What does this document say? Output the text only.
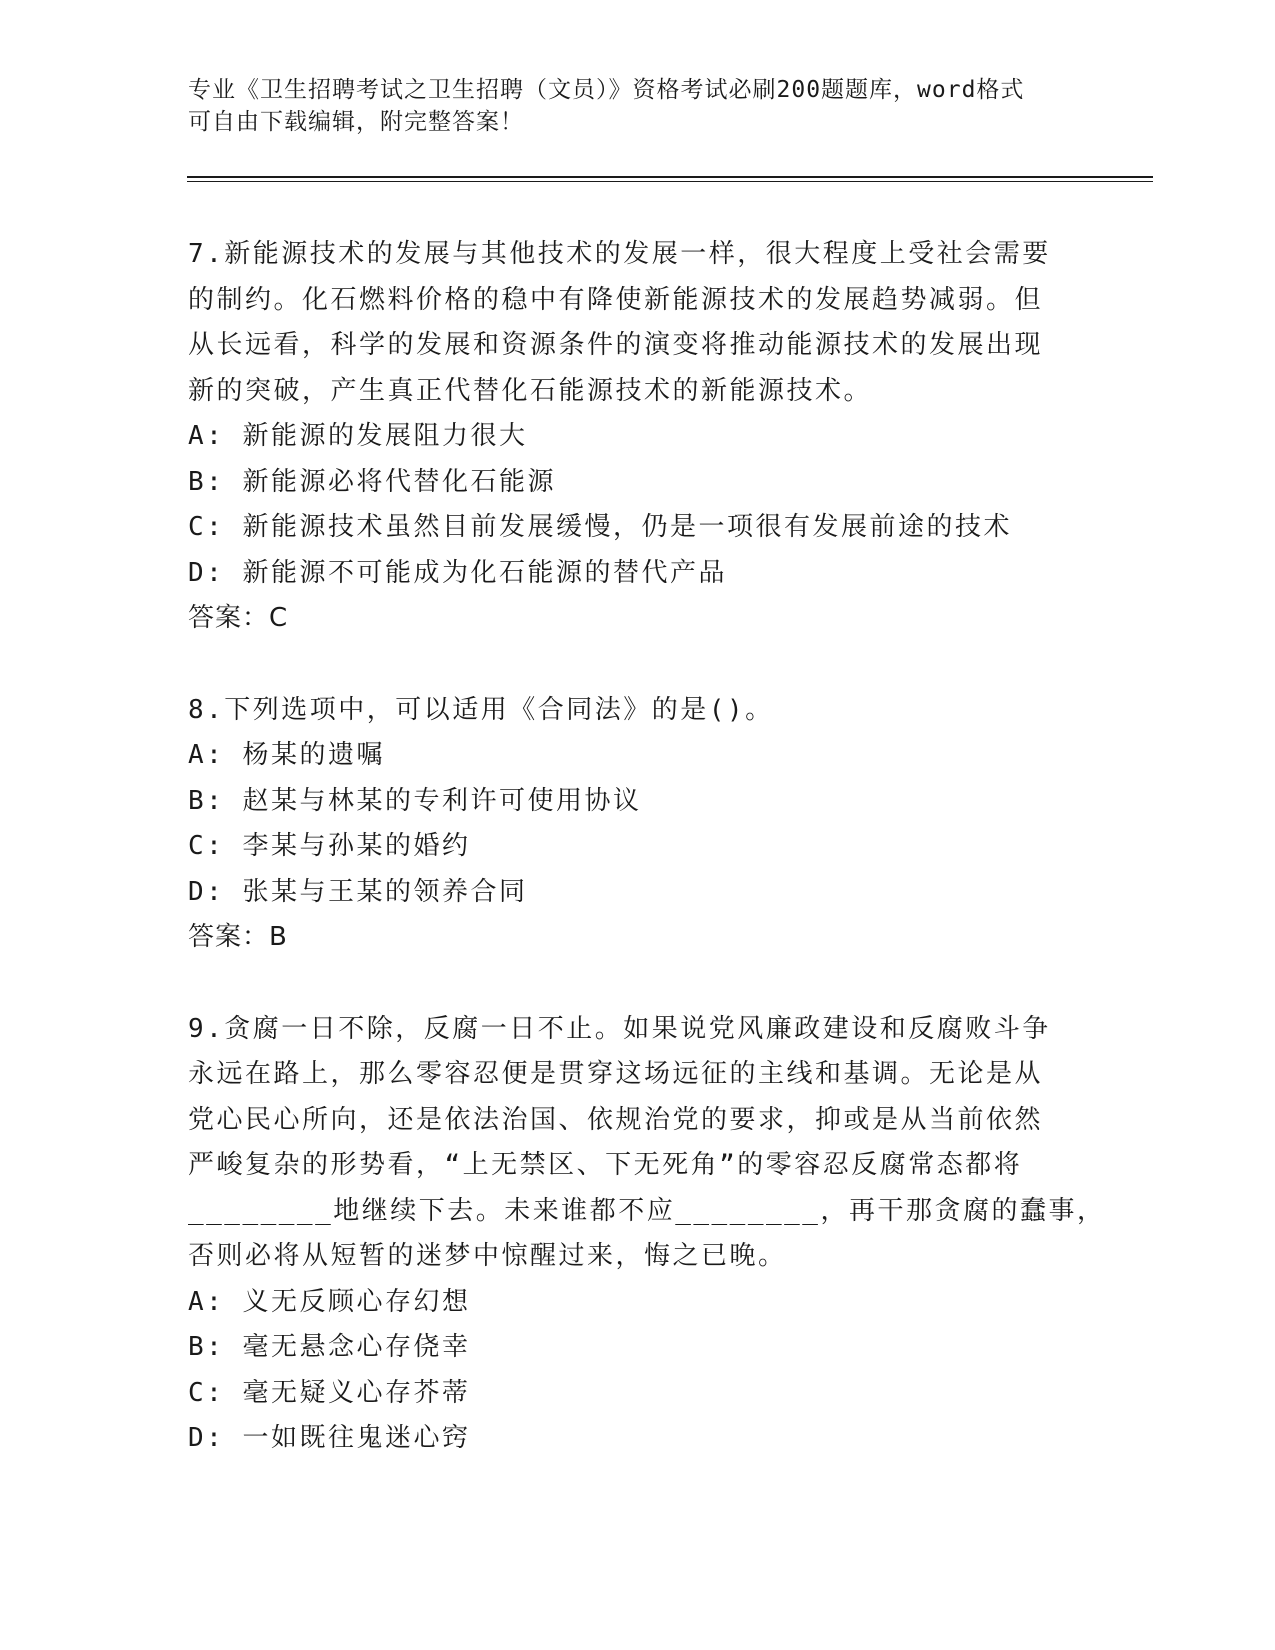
专业《卫生招聘考试之卫生招聘（文员）》资格考试必刷200题题库，word格式
可自由下载编辑，附完整答案！
7.新能源技术的发展与其他技术的发展一样，很大程度上受社会需要
的制约。化石燃料价格的稳中有降使新能源技术的发展趋势减弱。但
从长远看，科学的发展和资源条件的演变将推动能源技术的发展出现
新的突破，产生真正代替化石能源技术的新能源技术。
A: 新能源的发展阻力很大
B: 新能源必将代替化石能源
C: 新能源技术虽然目前发展缓慢，仍是一项很有发展前途的技术
D: 新能源不可能成为化石能源的替代产品
答案：C
8.下列选项中，可以适用《合同法》的是()。
A: 杨某的遗嘱
B: 赵某与林某的专利许可使用协议
C: 李某与孙某的婚约
D: 张某与王某的领养合同
答案：B
9.贪腐一日不除，反腐一日不止。如果说党风廉政建设和反腐败斗争
永远在路上，那么零容忍便是贯穿这场远征的主线和基调。无论是从
党心民心所向，还是依法治国、依规治党的要求，抑或是从当前依然
严峻复杂的形势看，“上无禁区、下无死角”的零容忍反腐常态都将
________地继续下去。未来谁都不应________，再干那贪腐的蠢事，
否则必将从短暂的迷梦中惊醒过来，悔之已晚。
A: 义无反顾心存幻想
B: 毫无悬念心存侥幸
C: 毫无疑义心存芥蒂
D: 一如既往鬼迷心窍
